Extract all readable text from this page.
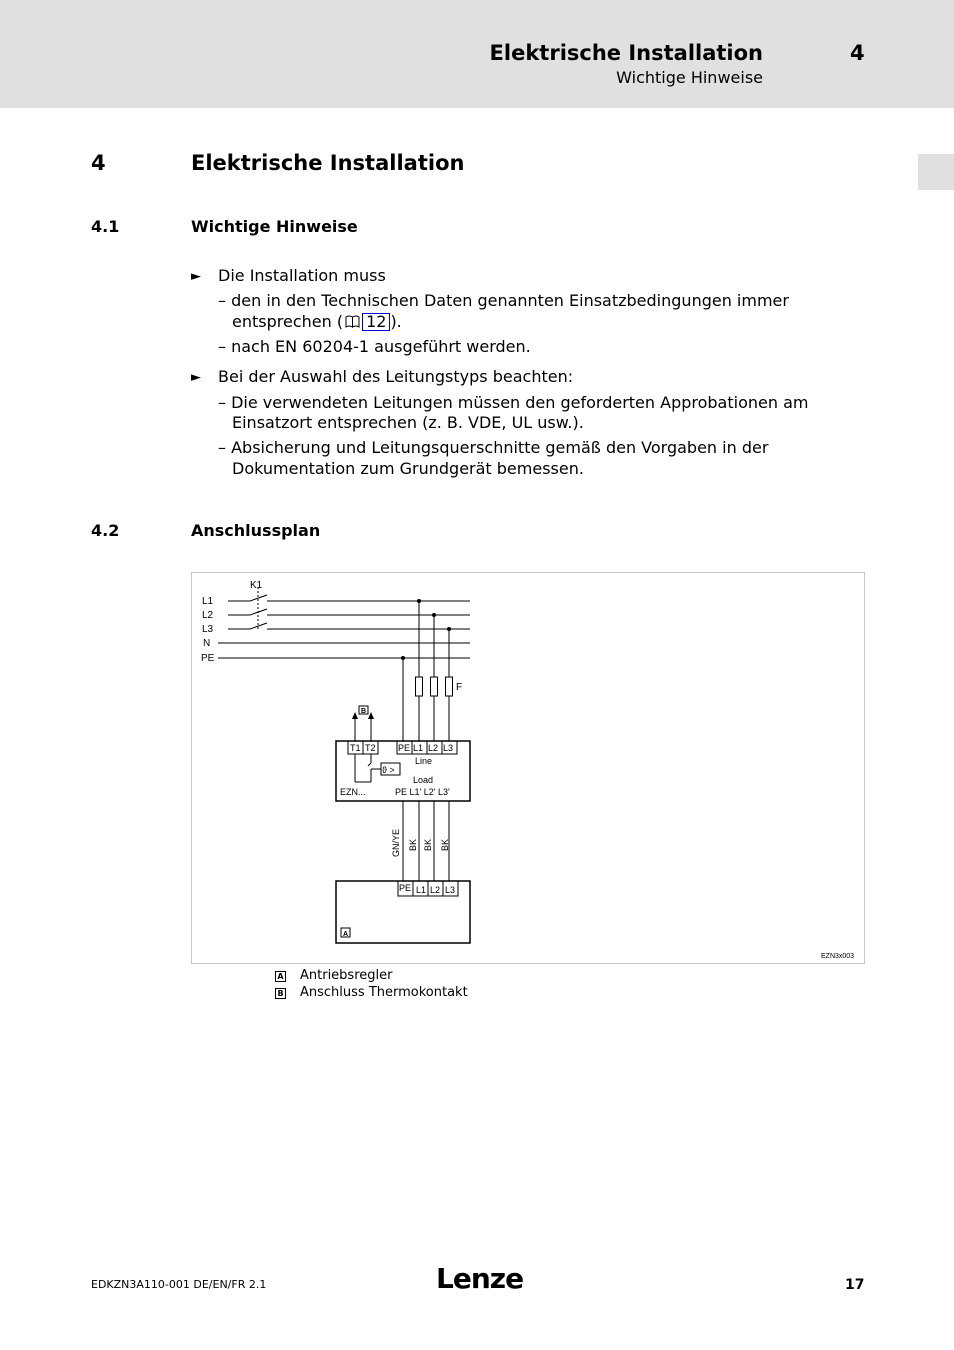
Elektrische Installation	4
Wichtige Hinweise
4	Elektrische Installation
4.1	Wichtige Hinweise
► Die Installation muss
– den in den Technischen Daten genannten Einsatzbedingungen immer
entsprechen ( 12 ).
– nach EN 60204-1 ausgeführt werden.
► Bei der Auswahl des Leitungstyps beachten:
– Die verwendeten Leitungen müssen den geforderten Approbationen am
Einsatzort entsprechen (z. B. VDE, UL usw.).
– Absicherung und Leitungsquerschnitte gemäß den Vorgaben in der
Dokumentation zum Grundgerät bemessen.
4.2	Anschlussplan
K1
L1
L2
L3
N
PE
F
B
T1 T2 PE L1 L2 L3
ϑ >
Line
Load
EZN...	PE L1' L2' L3'
GN/YE BK BK BK
PE L1 L2 L3
A
EZN3x003
A Antriebsregler
B Anschluss Thermokontakt
EDKZN3A110-001 DE/EN/FR 2.1	Lenze	17
